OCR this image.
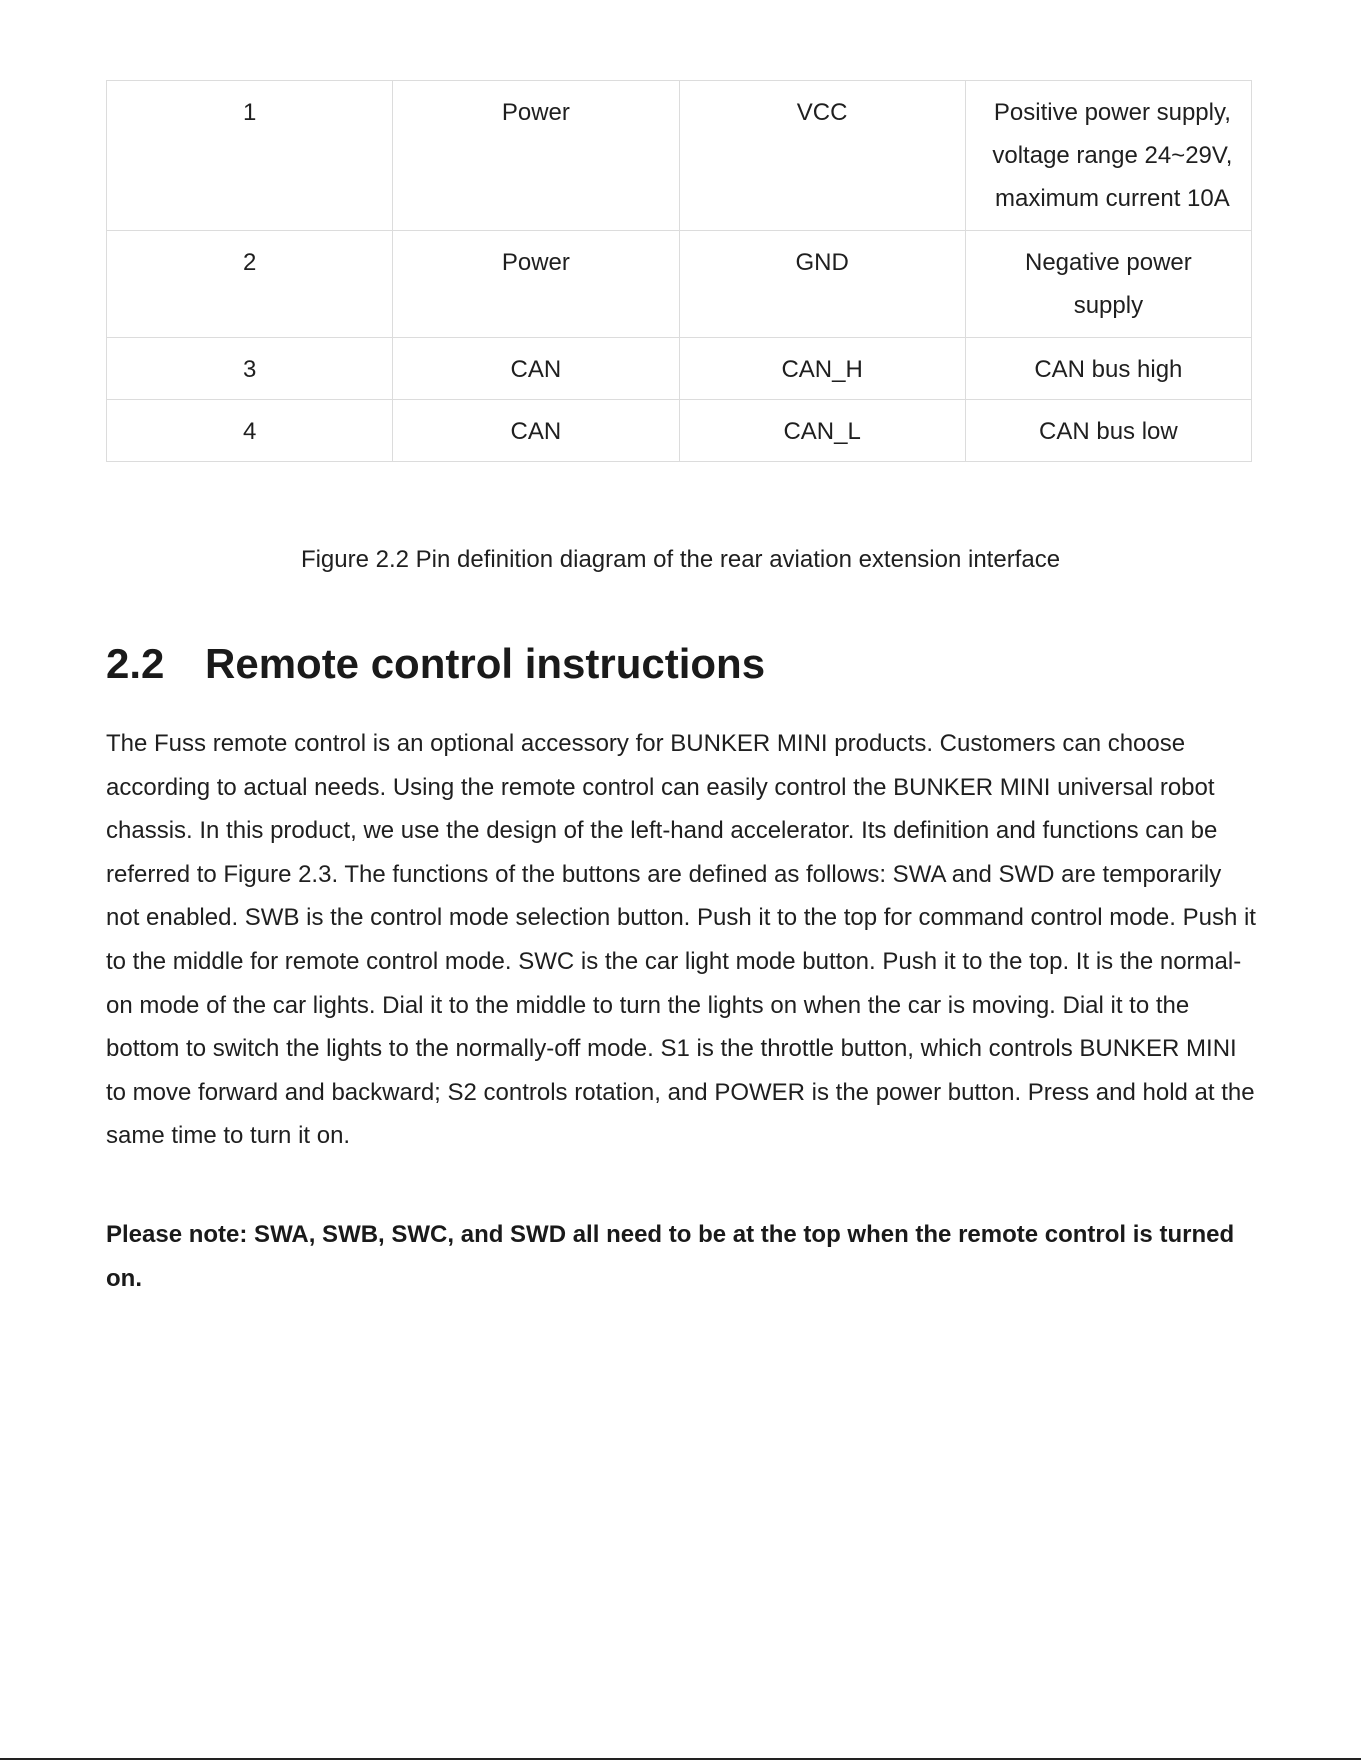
1	Power	VCC	Positive power supply, voltage range 24~29V, maximum current 10A
2	Power	GND	Negative power supply
3	CAN	CAN_H	CAN bus high
4	CAN	CAN_L	CAN bus low
Figure 2.2 Pin definition diagram of the rear aviation extension interface
2.2 Remote control instructions

The Fuss remote control is an optional accessory for BUNKER MINI products. Customers can choose according to actual needs. Using the remote control can easily control the BUNKER MINI universal robot chassis. In this product, we use the design of the left-hand accelerator. Its definition and functions can be referred to Figure 2.3. The functions of the buttons are defined as follows: SWA and SWD are temporarily not enabled. SWB is the control mode selection button. Push it to the top for command control mode. Push it to the middle for remote control mode. SWC is the car light mode button. Push it to the top. It is the normal-on mode of the car lights. Dial it to the middle to turn the lights on when the car is moving. Dial it to the bottom to switch the lights to the normally-off mode. S1 is the throttle button, which controls BUNKER MINI to move forward and backward; S2 controls rotation, and POWER is the power button. Press and hold at the same time to turn it on.

Please note: SWA, SWB, SWC, and SWD all need to be at the top when the remote control is turned on.
